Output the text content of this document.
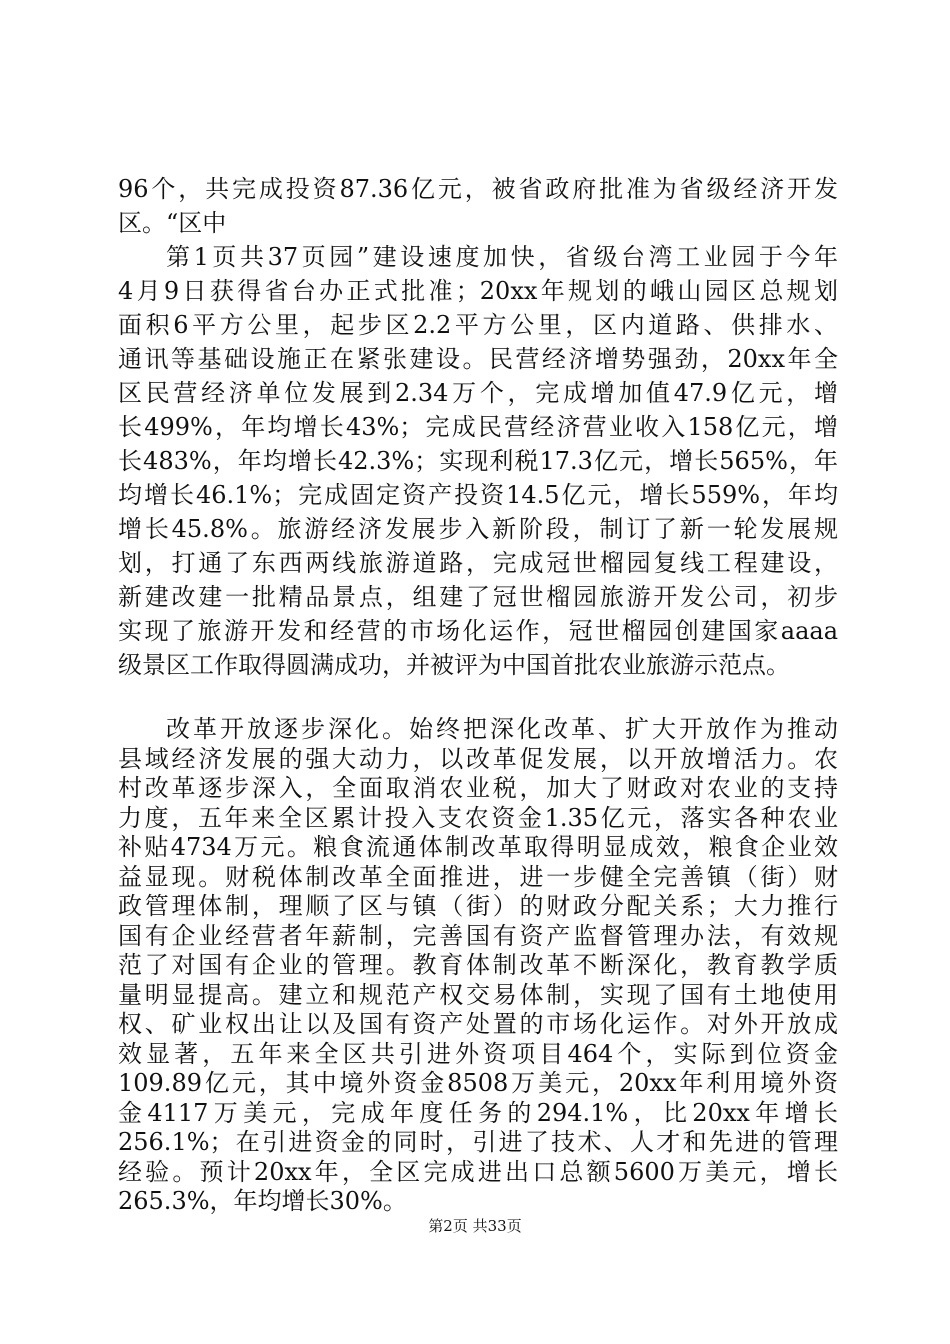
96个，共完成投资87.36亿元，被省政府批准为省级经济开发
区。“区中
第1页共37页园”建设速度加快，省级台湾工业园于今年
4月9日获得省台办正式批准；20xx年规划的峨山园区总规划
面积6平方公里，起步区2.2平方公里，区内道路、供排水、
通讯等基础设施正在紧张建设。民营经济增势强劲，20xx年全
区民营经济单位发展到2.34万个，完成增加值47.9亿元，增
长499%，年均增长43%；完成民营经济营业收入158亿元，增
长483%，年均增长42.3%；实现利税17.3亿元，增长565%，年
均增长46.1%；完成固定资产投资14.5亿元，增长559%，年均
增长45.8%。旅游经济发展步入新阶段，制订了新一轮发展规
划，打通了东西两线旅游道路，完成冠世榴园复线工程建设，
新建改建一批精品景点，组建了冠世榴园旅游开发公司，初步
实现了旅游开发和经营的市场化运作，冠世榴园创建国家aaaa
级景区工作取得圆满成功，并被评为中国首批农业旅游示范点。
改革开放逐步深化。始终把深化改革、扩大开放作为推动
县域经济发展的强大动力，以改革促发展，以开放增活力。农
村改革逐步深入，全面取消农业税，加大了财政对农业的支持
力度，五年来全区累计投入支农资金1.35亿元，落实各种农业
补贴4734万元。粮食流通体制改革取得明显成效，粮食企业效
益显现。财税体制改革全面推进，进一步健全完善镇（街）财
政管理体制，理顺了区与镇（街）的财政分配关系；大力推行
国有企业经营者年薪制，完善国有资产监督管理办法，有效规
范了对国有企业的管理。教育体制改革不断深化，教育教学质
量明显提高。建立和规范产权交易体制，实现了国有土地使用
权、矿业权出让以及国有资产处置的市场化运作。对外开放成
效显著，五年来全区共引进外资项目464个，实际到位资金
109.89亿元，其中境外资金8508万美元，20xx年利用境外资
金4117万美元，完成年度任务的294.1%，比20xx年增长
256.1%；在引进资金的同时，引进了技术、人才和先进的管理
经验。预计20xx年，全区完成进出口总额5600万美元，增长
265.3%，年均增长30%。
第2页 共33页
